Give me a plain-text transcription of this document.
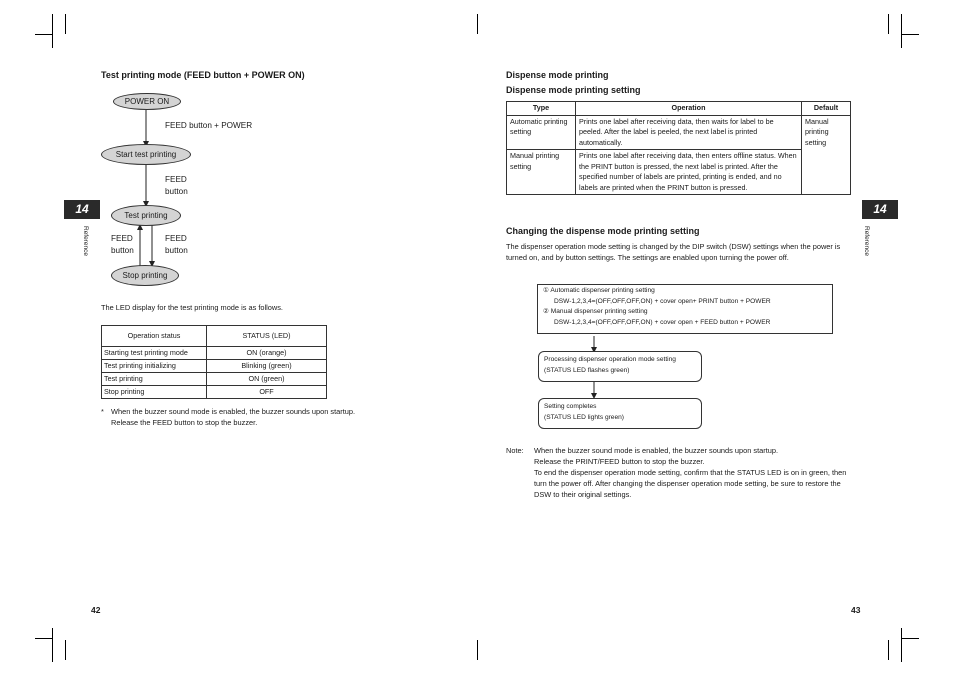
14
Reference
Test printing mode (FEED button + POWER ON)
POWER ON
FEED button + POWER
Start test printing
FEED
button
Test printing
FEED
button
FEED
button
Stop printing
The LED display for the test printing mode is as follows.
Operation status	STATUS (LED)
Starting test printing mode	ON (orange)
Test printing initializing	Blinking (green)
Test printing	ON (green)
Stop printing	OFF
* When the buzzer sound mode is enabled, the buzzer sounds upon startup.
Release the FEED button to stop the buzzer.
42
14
Reference
Dispense mode printing
Dispense mode printing setting
Type	Operation	Default
Automatic printing setting	Prints one label after receiving data, then waits for label to be peeled. After the label is peeled, the next label is printed automatically.	Manual printing setting
Manual printing setting	Prints one label after receiving data, then enters offline status. When the PRINT button is pressed, the next label is printed. After the specified number of labels are printed, printing is ended, and no labels are printed when the PRINT button is pressed.	
Changing the dispense mode printing setting
The dispenser operation mode setting is changed by the DIP switch (DSW) settings when the power is turned on, and by button settings. The settings are enabled upon turning the power off.
① Automatic dispenser printing setting
DSW-1,2,3,4=(OFF,OFF,OFF,ON) + cover open+ PRINT button + POWER
② Manual dispenser printing setting
DSW-1,2,3,4=(OFF,OFF,OFF,ON) + cover open + FEED button + POWER
Processing dispenser operation mode setting
(STATUS LED flashes green)
Setting completes
(STATUS LED lights green)
Note: When the buzzer sound mode is enabled, the buzzer sounds upon startup.
Release the PRINT/FEED button to stop the buzzer.
To end the dispenser operation mode setting, confirm that the STATUS LED is on in green, then turn the power off. After changing the dispenser operation mode setting, be sure to restore the DSW to their original settings.
43
